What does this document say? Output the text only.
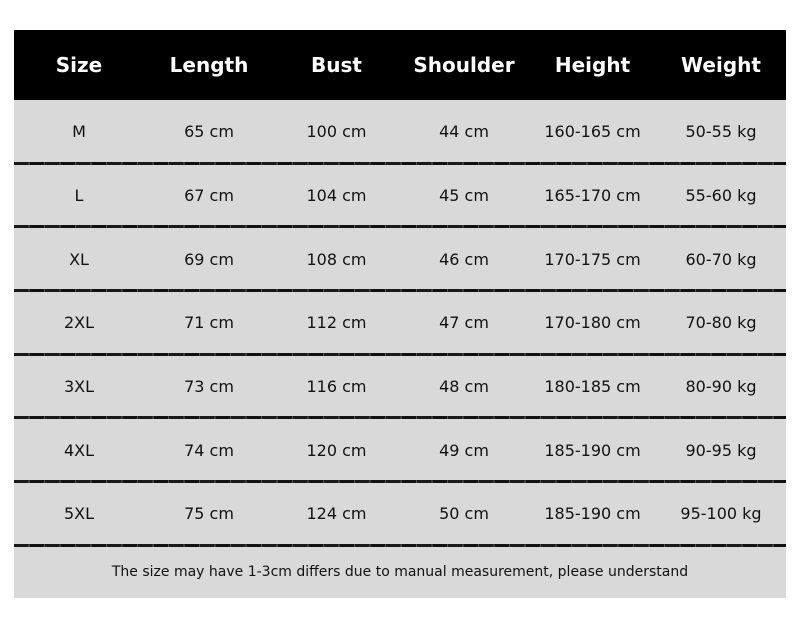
Size	Length	Bust	Shoulder	Height	Weight
M	65 cm	100 cm	44 cm	160-165 cm	50-55 kg
L	67 cm	104 cm	45 cm	165-170 cm	55-60 kg
XL	69 cm	108 cm	46 cm	170-175 cm	60-70 kg
2XL	71 cm	112 cm	47 cm	170-180 cm	70-80 kg
3XL	73 cm	116 cm	48 cm	180-185 cm	80-90 kg
4XL	74 cm	120 cm	49 cm	185-190 cm	90-95 kg
5XL	75 cm	124 cm	50 cm	185-190 cm	95-100 kg
The size may have 1-3cm differs due to manual measurement, please understand
